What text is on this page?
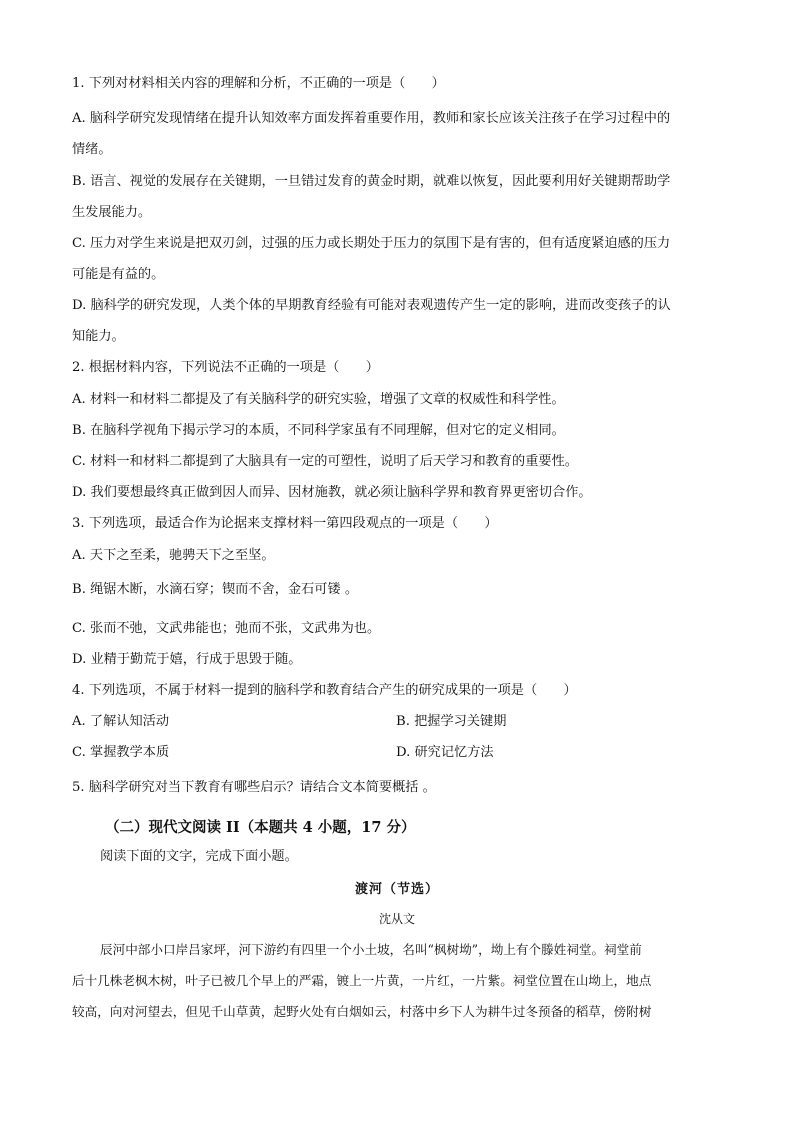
1. 下列对材料相关内容的理解和分析，不正确的一项是（　　）
A. 脑科学研究发现情绪在提升认知效率方面发挥着重要作用，教师和家长应该关注孩子在学习过程中的
情绪。
B. 语言、视觉的发展存在关键期，一旦错过发育的黄金时期，就难以恢复，因此要利用好关键期帮助学
生发展能力。
C. 压力对学生来说是把双刃剑，过强的压力或长期处于压力的氛围下是有害的，但有适度紧迫感的压力
可能是有益的。
D. 脑科学的研究发现，人类个体的早期教育经验有可能对表观遗传产生一定的影响，进而改变孩子的认
知能力。
2. 根据材料内容，下列说法不正确的一项是（　　）
A. 材料一和材料二都提及了有关脑科学的研究实验，增强了文章的权威性和科学性。
B. 在脑科学视角下揭示学习的本质，不同科学家虽有不同理解，但对它的定义相同。
C. 材料一和材料二都提到了大脑具有一定的可塑性，说明了后天学习和教育的重要性。
D. 我们要想最终真正做到因人而异、因材施教，就必须让脑科学界和教育界更密切合作。
3. 下列选项，最适合作为论据来支撑材料一第四段观点的一项是（　　）
A. 天下之至柔，驰骋天下之至坚。
B. 绳锯木断，水滴石穿；锲而不舍，金石可镂 。
C. 张而不弛，文武弗能也；弛而不张，文武弗为也。
D. 业精于勤荒于嬉，行成于思毁于随。
4. 下列选项，不属于材料一提到的脑科学和教育结合产生的研究成果的一项是（　　）
A. 了解认知活动	B. 把握学习关键期
C. 掌握教学本质	D. 研究记忆方法
5. 脑科学研究对当下教育有哪些启示？请结合文本简要概括 。
（二）现代文阅读 II（本题共 4 小题，17 分）
阅读下面的文字，完成下面小题。
渡河（节选）
沈从文
辰河中部小口岸吕家坪，河下游约有四里一个小土坡，名叫“枫树坳”，坳上有个滕姓祠堂。祠堂前
后十几株老枫木树，叶子已被几个早上的严霜，镀上一片黄，一片红，一片紫。祠堂位置在山坳上，地点
较高，向对河望去，但见千山草黄，起野火处有白烟如云，村落中乡下人为耕牛过冬预备的稻草，傍附树
